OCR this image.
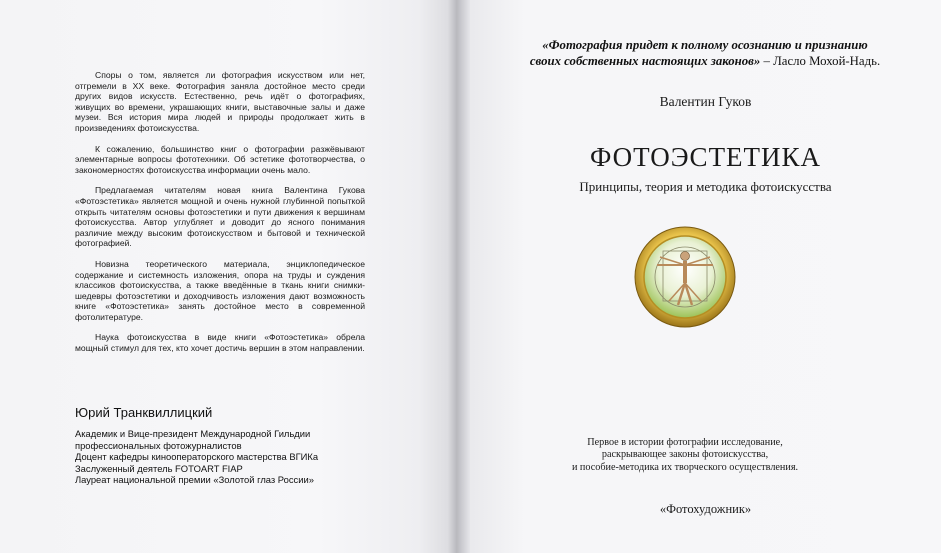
Споры о том, является ли фотография искусством или нет, отгремели в XX веке. Фотография заняла достойное место среди других видов искусств. Естественно, речь идёт о фотографиях, живущих во времени, украшающих книги, выставочные залы и даже музеи. Вся история мира людей и природы продолжает жить в произведениях фотоискусства.

К сожалению, большинство книг о фотографии разжёвывают элементарные вопросы фототехники. Об эстетике фототворчества, о закономерностях фотоискусства информации очень мало.

Предлагаемая читателям новая книга Валентина Гукова «Фотоэстетика» является мощной и очень нужной глубинной попыткой открыть читателям основы фотоэстетики и пути движения к вершинам фотоискусства. Автор углубляет и доводит до ясного понимания различие между высоким фотоискусством и бытовой и технической фотографией.

Новизна теоретического материала, энциклопедическое содержание и системность изложения, опора на труды и суждения классиков фотоискусства, а также введённые в ткань книги снимки-шедевры фотоэстетики и доходчивость изложения дают возможность книге «Фотоэстетика» занять достойное место в современной фотолитературе.

Наука фотоискусства в виде книги «Фотоэстетика» обрела мощный стимул для тех, кто хочет достичь вершин в этом направлении.

Юрий Транквиллицкий
Академик и Вице-президент Международной Гильдии
профессиональных фотожурналистов
Доцент кафедры кинооператорского мастерства ВГИКа
Заслуженный деятель FOTOART FIAP
Лауреат национальной премии «Золотой глаз России»
«Фотография придет к полному осознанию и признанию
своих собственных настоящих законов» – Ласло Мохой-Надь.
Валентин Гуков
ФОТОЭСТЕТИКА
Принципы, теория и методика фотоискусства
Первое в истории фотографии исследование,
раскрывающее законы фотоискусства,
и пособие-методика их творческого осуществления.
«Фотохудожник»
